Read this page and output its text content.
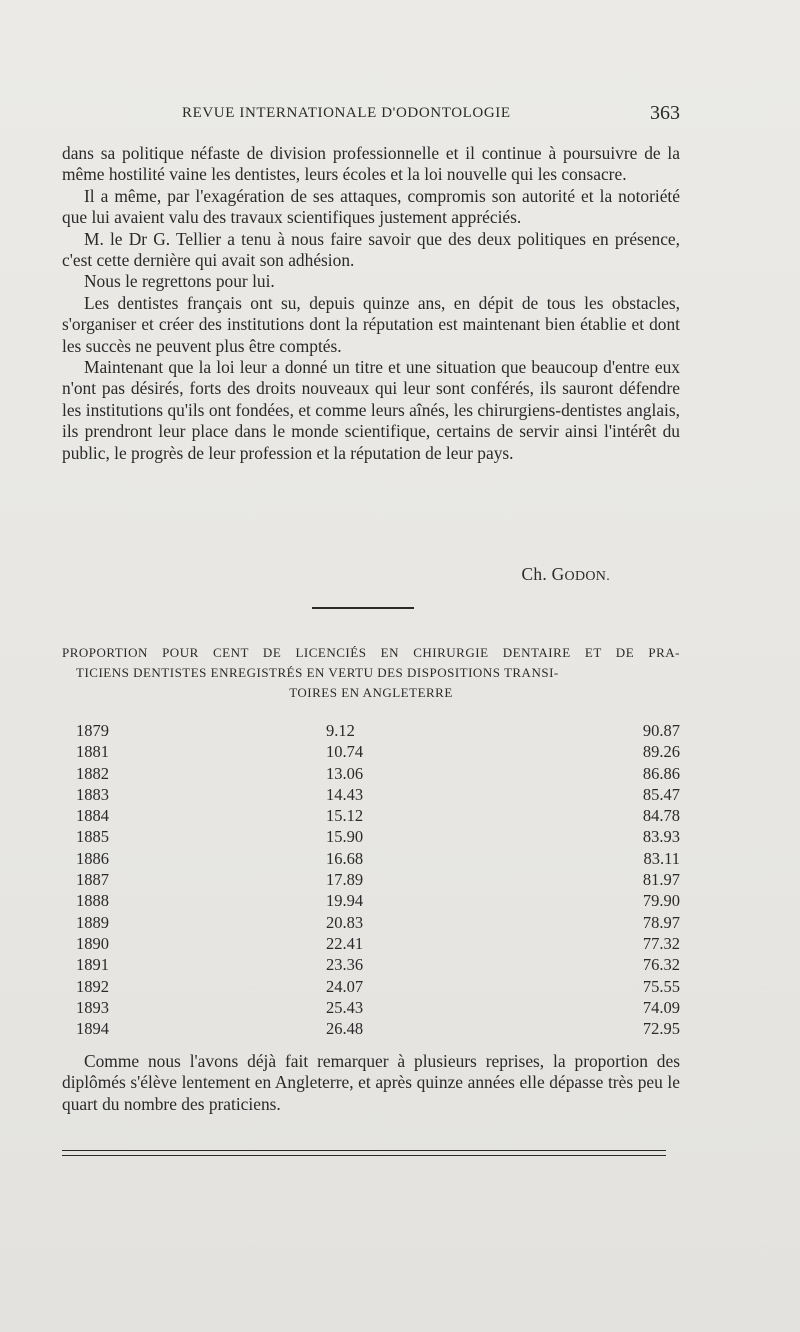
REVUE INTERNATIONALE D'ODONTOLOGIE	363

dans sa politique néfaste de division professionnelle et il continue à poursuivre de la même hostilité vaine les dentistes, leurs écoles et la loi nouvelle qui les consacre.

Il a même, par l'exagération de ses attaques, compromis son autorité et la notoriété que lui avaient valu des travaux scientifiques justement appréciés.

M. le Dr G. Tellier a tenu à nous faire savoir que des deux politiques en présence, c'est cette dernière qui avait son adhésion.

Nous le regrettons pour lui.

Les dentistes français ont su, depuis quinze ans, en dépit de tous les obstacles, s'organiser et créer des institutions dont la réputation est maintenant bien établie et dont les succès ne peuvent plus être comptés.

Maintenant que la loi leur a donné un titre et une situation que beaucoup d'entre eux n'ont pas désirés, forts des droits nouveaux qui leur sont conférés, ils sauront défendre les institutions qu'ils ont fondées, et comme leurs aînés, les chirurgiens-dentistes anglais, ils prendront leur place dans le monde scientifique, certains de servir ainsi l'intérêt du public, le progrès de leur profession et la réputation de leur pays.

Ch. GODON.
PROPORTION POUR CENT DE LICENCIÉS EN CHIRURGIE DENTAIRE ET DE PRA-
TICIENS DENTISTES ENREGISTRÉS EN VERTU DES DISPOSITIONS TRANSI-
TOIRES EN ANGLETERRE
1879	9.12	90.87
1881	10.74	89.26
1882	13.06	86.86
1883	14.43	85.47
1884	15.12	84.78
1885	15.90	83.93
1886	16.68	83.11
1887	17.89	81.97
1888	19.94	79.90
1889	20.83	78.97
1890	22.41	77.32
1891	23.36	76.32
1892	24.07	75.55
1893	25.43	74.09
1894	26.48	72.95

Comme nous l'avons déjà fait remarquer à plusieurs reprises, la proportion des diplômés s'élève lentement en Angleterre, et après quinze années elle dépasse très peu le quart du nombre des praticiens.
